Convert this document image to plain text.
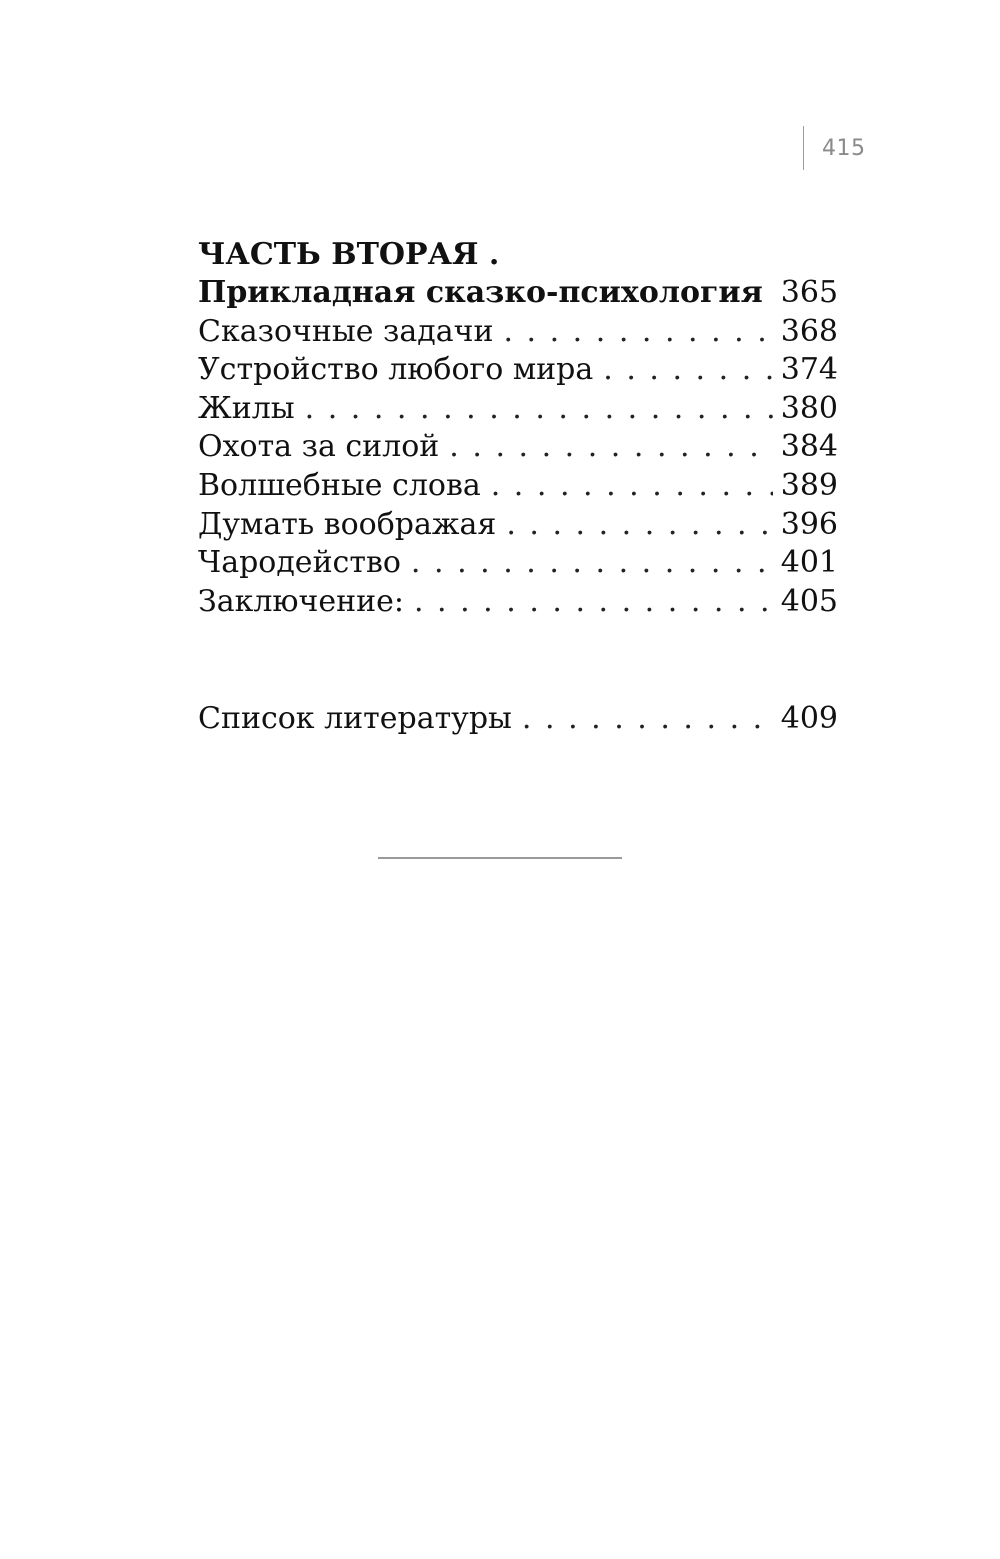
415
ЧАСТЬ ВТОРАЯ .
Прикладная сказко-психология 365
Сказочные задачи . . .	368
Устройство любого мира . . .	374
Жилы . . .	380
Охота за силой . . .	384
Волшебные слова . . .	389
Думать воображая . . .	396
Чародейство . . .	401
Заключение: . . .	405
Список литературы . . .	409
